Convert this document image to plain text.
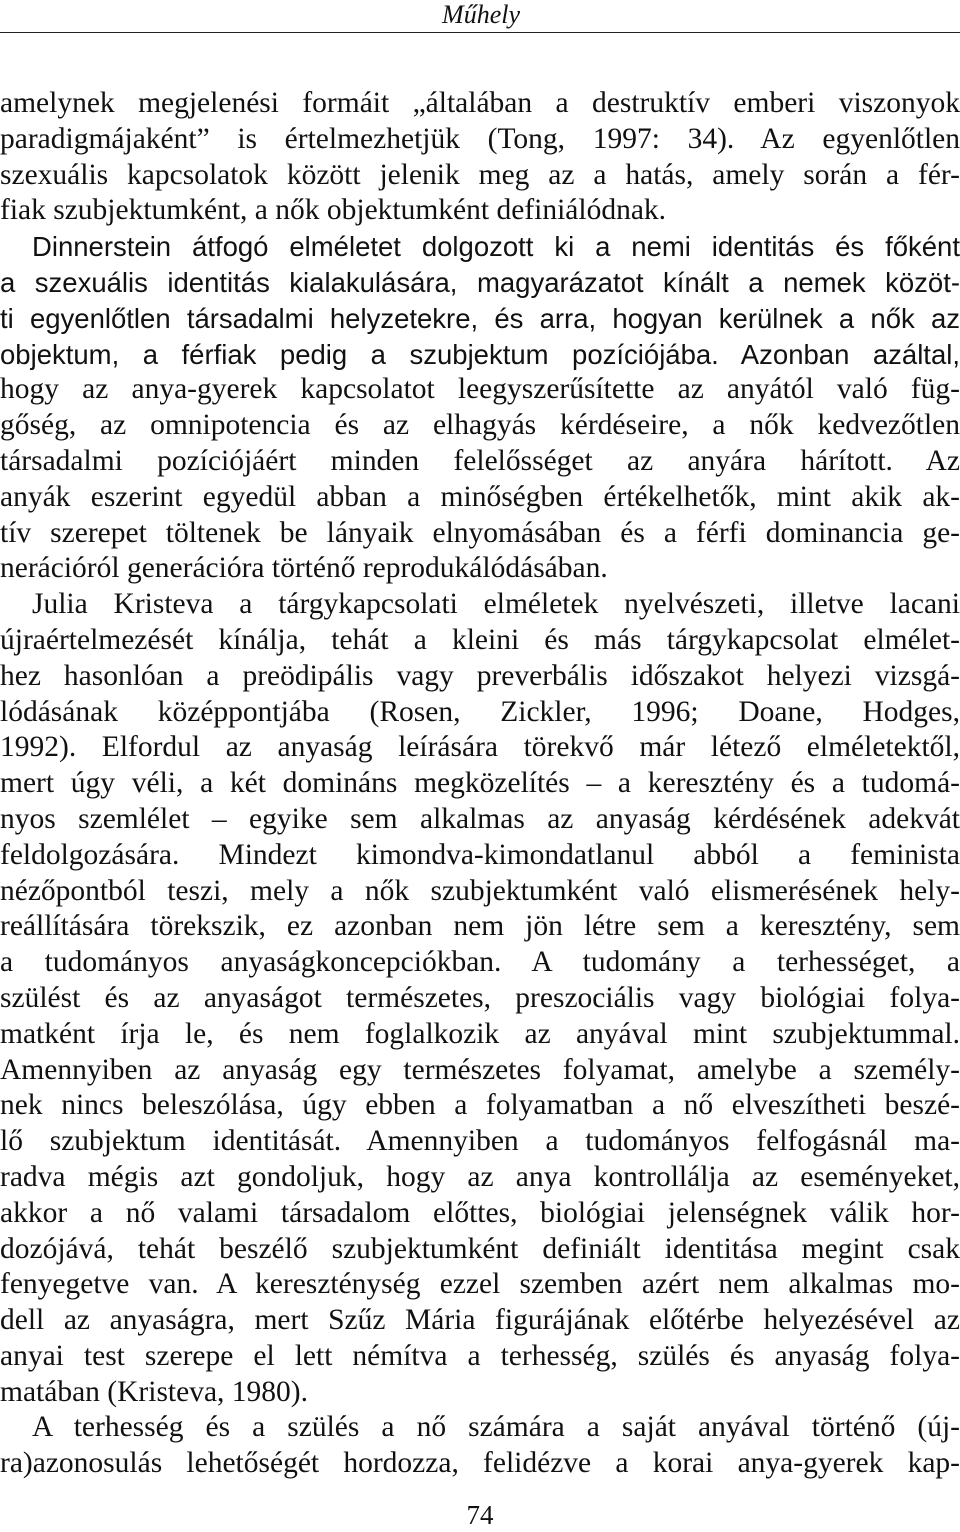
Műhely
amelynek megjelenési formáit „általában a destruktív emberi viszonyok
paradigmájaként” is értelmezhetjük (Tong, 1997: 34). Az egyenlőtlen
szexuális kapcsolatok között jelenik meg az a hatás, amely során a fér-
fiak szubjektumként, a nők objektumként definiálódnak.
Dinnerstein átfogó elméletet dolgozott ki a nemi identitás és főként
a szexuális identitás kialakulására, magyarázatot kínált a nemek közöt-
ti egyenlőtlen társadalmi helyzetekre, és arra, hogyan kerülnek a nők az
objektum, a férfiak pedig a szubjektum pozíciójába. Azonban azáltal,
hogy az anya-gyerek kapcsolatot leegyszerűsítette az anyától való füg-
gőség, az omnipotencia és az elhagyás kérdéseire, a nők kedvezőtlen
társadalmi pozíciójáért minden felelősséget az anyára hárított. Az
anyák eszerint egyedül abban a minőségben értékelhetők, mint akik ak-
tív szerepet töltenek be lányaik elnyomásában és a férfi dominancia ge-
nerációról generációra történő reprodukálódásában.
Julia Kristeva a tárgykapcsolati elméletek nyelvészeti, illetve lacani
újraértelmezését kínálja, tehát a kleini és más tárgykapcsolat elmélet-
hez hasonlóan a preödipális vagy preverbális időszakot helyezi vizsgá-
lódásának középpontjába (Rosen, Zickler, 1996; Doane, Hodges,
1992). Elfordul az anyaság leírására törekvő már létező elméletektől,
mert úgy véli, a két domináns megközelítés – a keresztény és a tudomá-
nyos szemlélet – egyike sem alkalmas az anyaság kérdésének adekvát
feldolgozására. Mindezt kimondva-kimondatlanul abból a feminista
nézőpontból teszi, mely a nők szubjektumként való elismerésének hely-
reállítására törekszik, ez azonban nem jön létre sem a keresztény, sem
a tudományos anyaságkoncepciókban. A tudomány a terhességet, a
szülést és az anyaságot természetes, preszociális vagy biológiai folya-
matként írja le, és nem foglalkozik az anyával mint szubjektummal.
Amennyiben az anyaság egy természetes folyamat, amelybe a személy-
nek nincs beleszólása, úgy ebben a folyamatban a nő elveszítheti beszé-
lő szubjektum identitását. Amennyiben a tudományos felfogásnál ma-
radva mégis azt gondoljuk, hogy az anya kontrollálja az eseményeket,
akkor a nő valami társadalom előttes, biológiai jelenségnek válik hor-
dozójává, tehát beszélő szubjektumként definiált identitása megint csak
fenyegetve van. A kereszténység ezzel szemben azért nem alkalmas mo-
dell az anyaságra, mert Szűz Mária figurájának előtérbe helyezésével az
anyai test szerepe el lett némítva a terhesség, szülés és anyaság folya-
matában (Kristeva, 1980).
A terhesség és a szülés a nő számára a saját anyával történő (új-
ra)azonosulás lehetőségét hordozza, felidézve a korai anya-gyerek kap-
74
